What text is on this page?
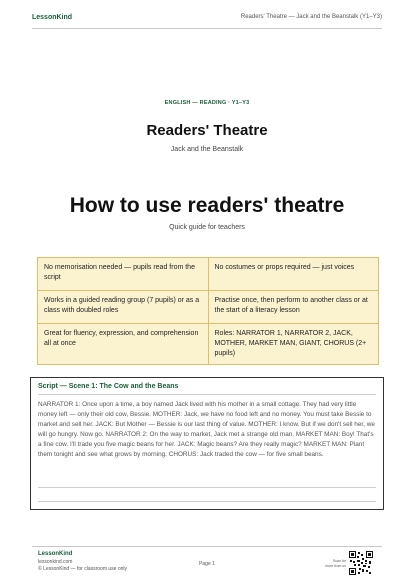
LessonKind	Readers' Theatre — Jack and the Beanstalk (Y1–Y3)
ENGLISH — READING · Y1–Y3
Readers' Theatre
Jack and the Beanstalk
How to use readers' theatre
Quick guide for teachers
No memorisation needed — pupils read from the script	No costumes or props required — just voices
Works in a guided reading group (7 pupils) or as a class with doubled roles	Practise once, then perform to another class or at the start of a literacy lesson
Great for fluency, expression, and comprehension all at once	Roles: NARRATOR 1, NARRATOR 2, JACK, MOTHER, MARKET MAN, GIANT, CHORUS (2+ pupils)
Script — Scene 1: The Cow and the Beans
NARRATOR 1: Once upon a time, a boy named Jack lived with his mother in a small cottage. They had very little money left — only their old cow, Bessie. MOTHER: Jack, we have no food left and no money. You must take Bessie to market and sell her. JACK: But Mother — Bessie is our last thing of value. MOTHER: I know. But if we don't sell her, we will go hungry. Now go. NARRATOR 2: On the way to market, Jack met a strange old man. MARKET MAN: Boy! That's a fine cow. I'll trade you five magic beans for her. JACK: Magic beans? Are they really magic? MARKET MAN: Plant them tonight and see what grows by morning. CHORUS: Jack traded the cow — for five small beans.
LessonKind
lessonkind.com
© LessonKind — for classroom use only
Page 1	Scan for
more from us
